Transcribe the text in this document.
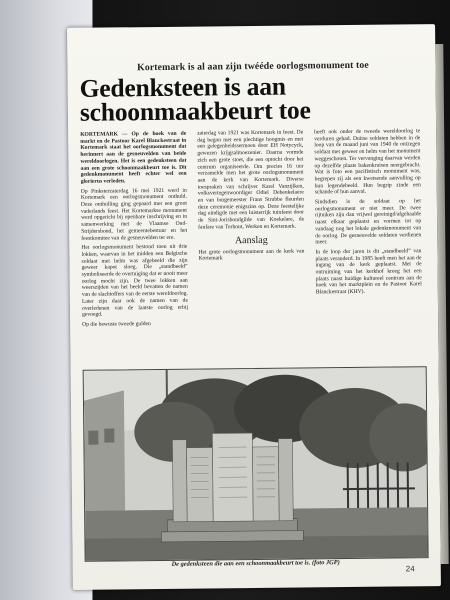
Kortemark is al aan zijn twééde oorlogsmonument toe
Gedenksteen is aan schoonmaakbeurt toe

KORTEMARK — Op de hoek van de markt en de Pastoor Karel Blanckestraat in Kortemark staat het oorlogsmonument dat herinnert aan de gesneuvelden van beide wereldoorlogen. Het is een gedenksteen dat aan een grote schoonmaakbeurt toe is. Dit gedenkmonument heeft echter wel een glorierus verleden.

Op Pinksterzaterdag 16 mei 1921 werd in Kortemark een oorlogsmonument onthuld. Deze onthulling ging gepaard met een groot vaderlands feest. Het Kortemarkse monument werd opgericht bij openbare inschrijving en in samenwerking met de Vlaamse Oud-Strijdersbond, het gemeentebestuur en het feestkomitee van de gesneuvelden ter ere.

Het oorlogsmonument bestond toen uit drie lokken, waarvan in het midden een Belgische soldaat met helm was afgebeeld die zijn geweer kapot sloeg. Die „standbeeld” symboliseerde de overtuiging dat er nooit meer oorlog mocht zijn. De twee lokken aan weerszijden van het beeld bevatten de namen van de slachtoffers van de eerste wereldoorlog. Later zijn daar ook de namen van de overledenen van de laatste oorlog erbij gevoegd.

Op die bewuste tweede gulden

zaterdag van 1921 was Kortemark in feest. De dag begon met een plechtige hoogmis en met een gelegenheidssermoen door EH Notycyck, gewezen krijgsalmoezenier. Daarna vormde zich een grote stoet, die een optocht door het centrum organiseerde. Om precies 16 uur verzamelde men het grote oorlogsmonument aan de kerk van Kortemark. Diverse toespraken van schrijver Karel Vanzijlken, volksvertegenwoordiger Odiel Debeukelaere en van burgemeester Frans Strubbe fleurden deze ceremonie enigszins op. Deze feestelijke dag eindigde met een luisterrijk tuinfeest door de Sint-Jorisbondgilde van Koekelare, de fanfare van Torhout, Werken en Kortemark.

Aanslag

Het grote oorlogsmonument aan de kerk van Kortemark

heeft ook onder de tweede wereldoorlog te verduren gehad. Duitse soldaten hebben in de loop van de maand juni van 1940 de ontzegen soldaat met geweer en helm van het monument weggeschoten. Ter vervanging daarvan werden op dezelfde plaats bakenkruisen neergebracht. Wat is foto een pacifistisch monument was, begrepen zij als een kwetsende aanvulling op hun legendebeeld. Hun begrip zinde een schande of hun aanval.

Sindsdien is de soldaat op het oorlogsmonument er niet meer. De twee rijtuiken zijn dan vrijwel gereinigd/afgehaalde naast elkaar geplaatst en vormen tot op vandaag nog het lokale gedenkmonument van de oorlog. De gesneuvelde soldaten verdienen meer.

In de loop der jaren is dit „standbeeld” van plaats veranderd. In 1985 heeft men het aan de ingang van de kerk geplaatst. Met de ontruiming van het kerkhof kreeg het een plaats naast huidige kultureel centrum aan de hoek van het marktplein en de Pastoor Karel Blanckestraat (KHV).

De gedenksteen die aan een schoonmaakbeurt toe is. (foto JGP)
24
